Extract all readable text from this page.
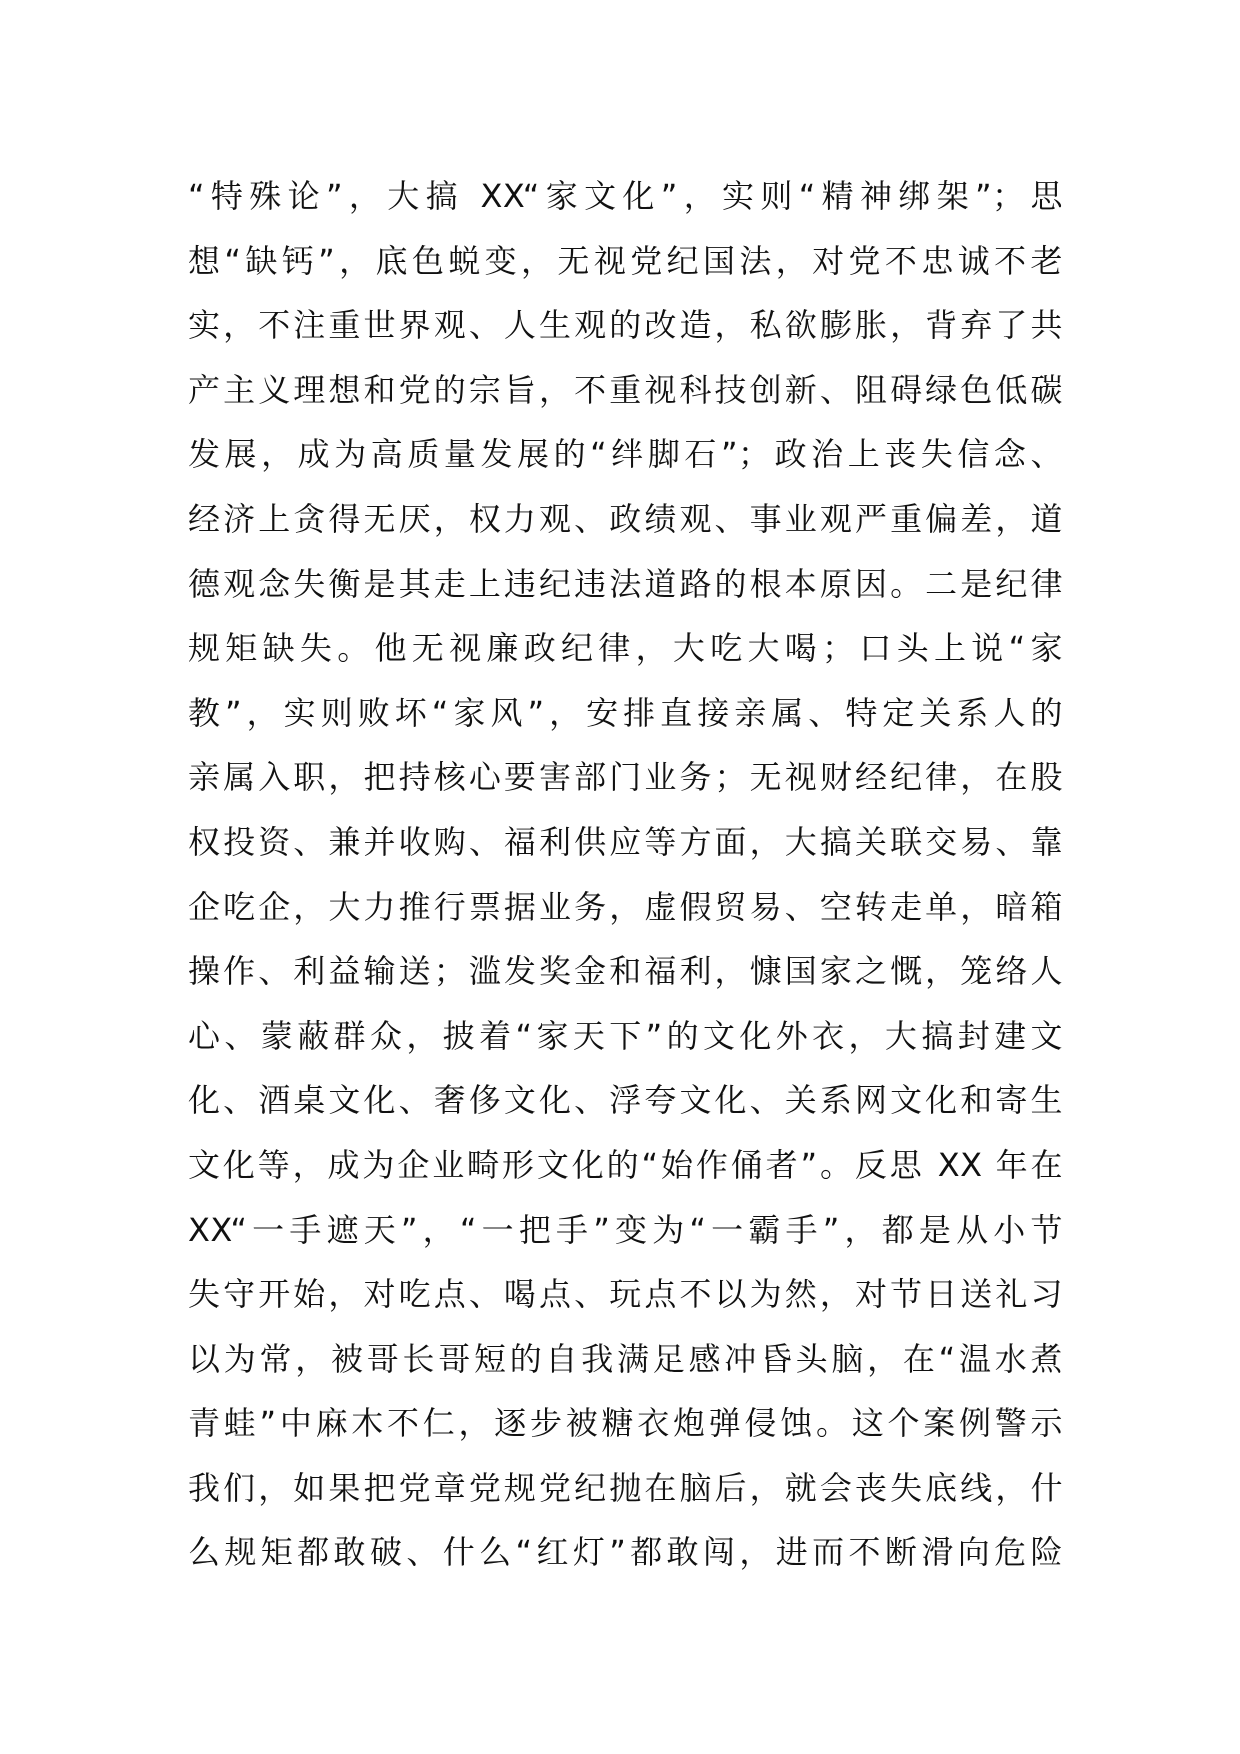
“特殊论”，大搞 XX“家文化”，实则“精神绑架”；思
想“缺钙”，底色蜕变，无视党纪国法，对党不忠诚不老
实，不注重世界观、人生观的改造，私欲膨胀，背弃了共
产主义理想和党的宗旨，不重视科技创新、阻碍绿色低碳
发展，成为高质量发展的“绊脚石”；政治上丧失信念、
经济上贪得无厌，权力观、政绩观、事业观严重偏差，道
德观念失衡是其走上违纪违法道路的根本原因。二是纪律
规矩缺失。他无视廉政纪律，大吃大喝；口头上说“家
教”，实则败坏“家风”，安排直接亲属、特定关系人的
亲属入职，把持核心要害部门业务；无视财经纪律，在股
权投资、兼并收购、福利供应等方面，大搞关联交易、靠
企吃企，大力推行票据业务，虚假贸易、空转走单，暗箱
操作、利益输送；滥发奖金和福利，慷国家之慨，笼络人
心、蒙蔽群众，披着“家天下”的文化外衣，大搞封建文
化、酒桌文化、奢侈文化、浮夸文化、关系网文化和寄生
文化等，成为企业畸形文化的“始作俑者”。反思 XX 年在
XX“一手遮天”，“一把手”变为“一霸手”，都是从小节
失守开始，对吃点、喝点、玩点不以为然，对节日送礼习
以为常，被哥长哥短的自我满足感冲昏头脑，在“温水煮
青蛙”中麻木不仁，逐步被糖衣炮弹侵蚀。这个案例警示
我们，如果把党章党规党纪抛在脑后，就会丧失底线，什
么规矩都敢破、什么“红灯”都敢闯，进而不断滑向危险
